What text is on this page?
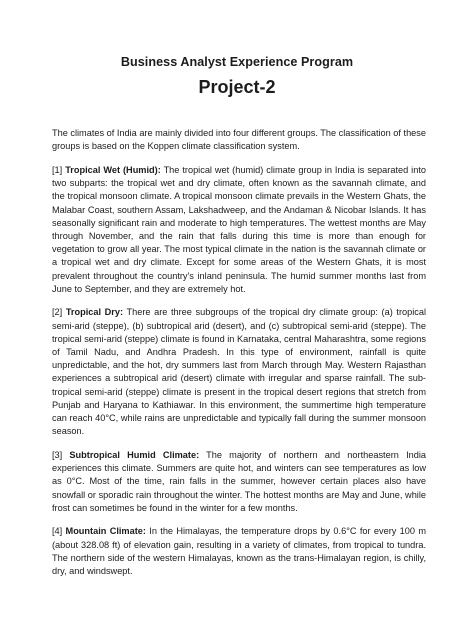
Business Analyst Experience Program
Project-2

The climates of India are mainly divided into four different groups. The classification of these groups is based on the Koppen climate classification system.

[1] Tropical Wet (Humid): The tropical wet (humid) climate group in India is separated into two subparts: the tropical wet and dry climate, often known as the savannah climate, and the tropical monsoon climate. A tropical monsoon climate prevails in the Western Ghats, the Malabar Coast, southern Assam, Lakshadweep, and the Andaman & Nicobar Islands. It has seasonally significant rain and moderate to high temperatures. The wettest months are May through November, and the rain that falls during this time is more than enough for vegetation to grow all year. The most typical climate in the nation is the savannah climate or a tropical wet and dry climate. Except for some areas of the Western Ghats, it is most prevalent throughout the country's inland peninsula. The humid summer months last from June to September, and they are extremely hot.

[2] Tropical Dry: There are three subgroups of the tropical dry climate group: (a) tropical semi-arid (steppe), (b) subtropical arid (desert), and (c) subtropical semi-arid (steppe). The tropical semi-arid (steppe) climate is found in Karnataka, central Maharashtra, some regions of Tamil Nadu, and Andhra Pradesh. In this type of environment, rainfall is quite unpredictable, and the hot, dry summers last from March through May. Western Rajasthan experiences a subtropical arid (desert) climate with irregular and sparse rainfall. The sub-tropical semi-arid (steppe) climate is present in the tropical desert regions that stretch from Punjab and Haryana to Kathiawar. In this environment, the summertime high temperature can reach 40°C, while rains are unpredictable and typically fall during the summer monsoon season.

[3] Subtropical Humid Climate: The majority of northern and northeastern India experiences this climate. Summers are quite hot, and winters can see temperatures as low as 0°C. Most of the time, rain falls in the summer, however certain places also have snowfall or sporadic rain throughout the winter. The hottest months are May and June, while frost can sometimes be found in the winter for a few months.

[4] Mountain Climate: In the Himalayas, the temperature drops by 0.6°C for every 100 m (about 328.08 ft) of elevation gain, resulting in a variety of climates, from tropical to tundra. The northern side of the western Himalayas, known as the trans-Himalayan region, is chilly, dry, and windswept.
